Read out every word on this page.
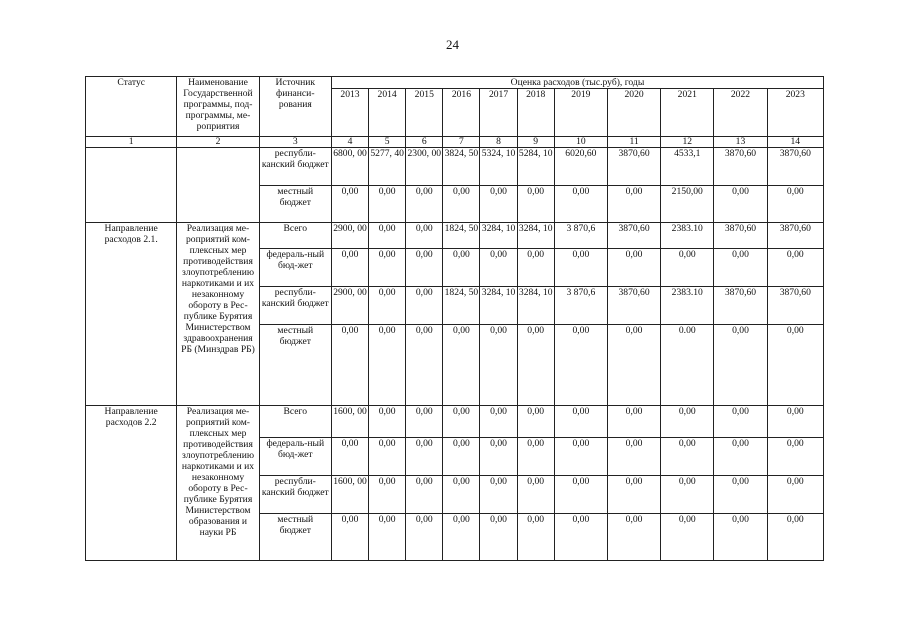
24
Статус	Наименование Государственной программы, под-программы, ме-роприятия	Источник финанси-рования	Оценка расходов (тыс.руб), годы										
			2013	2014	2015	2016	2017	2018	2019	2020	2021	2022	2023
1	2	3	4	5	6	7	8	9	10	11	12	13	14
		республи-канский бюджет	6800, 00	5277, 40	2300, 00	3824, 50	5324, 10	5284, 10	6020,60	3870,60	4533,1	3870,60	3870,60
		местный бюджет	0,00	0,00	0,00	0,00	0,00	0,00	0,00	0,00	2150,00	0,00	0,00
Направление расходов 2.1.	Реализация ме-роприятий ком-плексных мер противодействия злоупотреблению наркотиками и их незаконному обороту в Рес-публике Бурятия Министерством здравоохранения РБ (Минздрав РБ)	Всего	2900, 00	0,00	0,00	1824, 50	3284, 10	3284, 10	3 870,6	3870,60	2383.10	3870,60	3870,60
		федераль-ный бюд-жет	0,00	0,00	0,00	0,00	0,00	0,00	0,00	0,00	0,00	0,00	0,00
		республи-канский бюджет	2900, 00	0,00	0,00	1824, 50	3284, 10	3284, 10	3 870,6	3870,60	2383.10	3870,60	3870,60
		местный бюджет	0,00	0,00	0,00	0,00	0,00	0,00	0,00	0,00	0.00	0,00	0,00
Направление расходов 2.2	Реализация ме-роприятий ком-плексных мер противодействия злоупотреблению наркотиками и их незаконному обороту в Рес-публике Бурятия Министерством образования и науки РБ	Всего	1600, 00	0,00	0,00	0,00	0,00	0,00	0,00	0,00	0,00	0,00	0,00
		федераль-ный бюд-жет	0,00	0,00	0,00	0,00	0,00	0,00	0,00	0,00	0,00	0,00	0,00
		республи-канский бюджет	1600, 00	0,00	0,00	0,00	0,00	0,00	0,00	0,00	0,00	0,00	0,00
		местный бюджет	0,00	0,00	0,00	0,00	0,00	0,00	0,00	0,00	0,00	0,00	0,00
